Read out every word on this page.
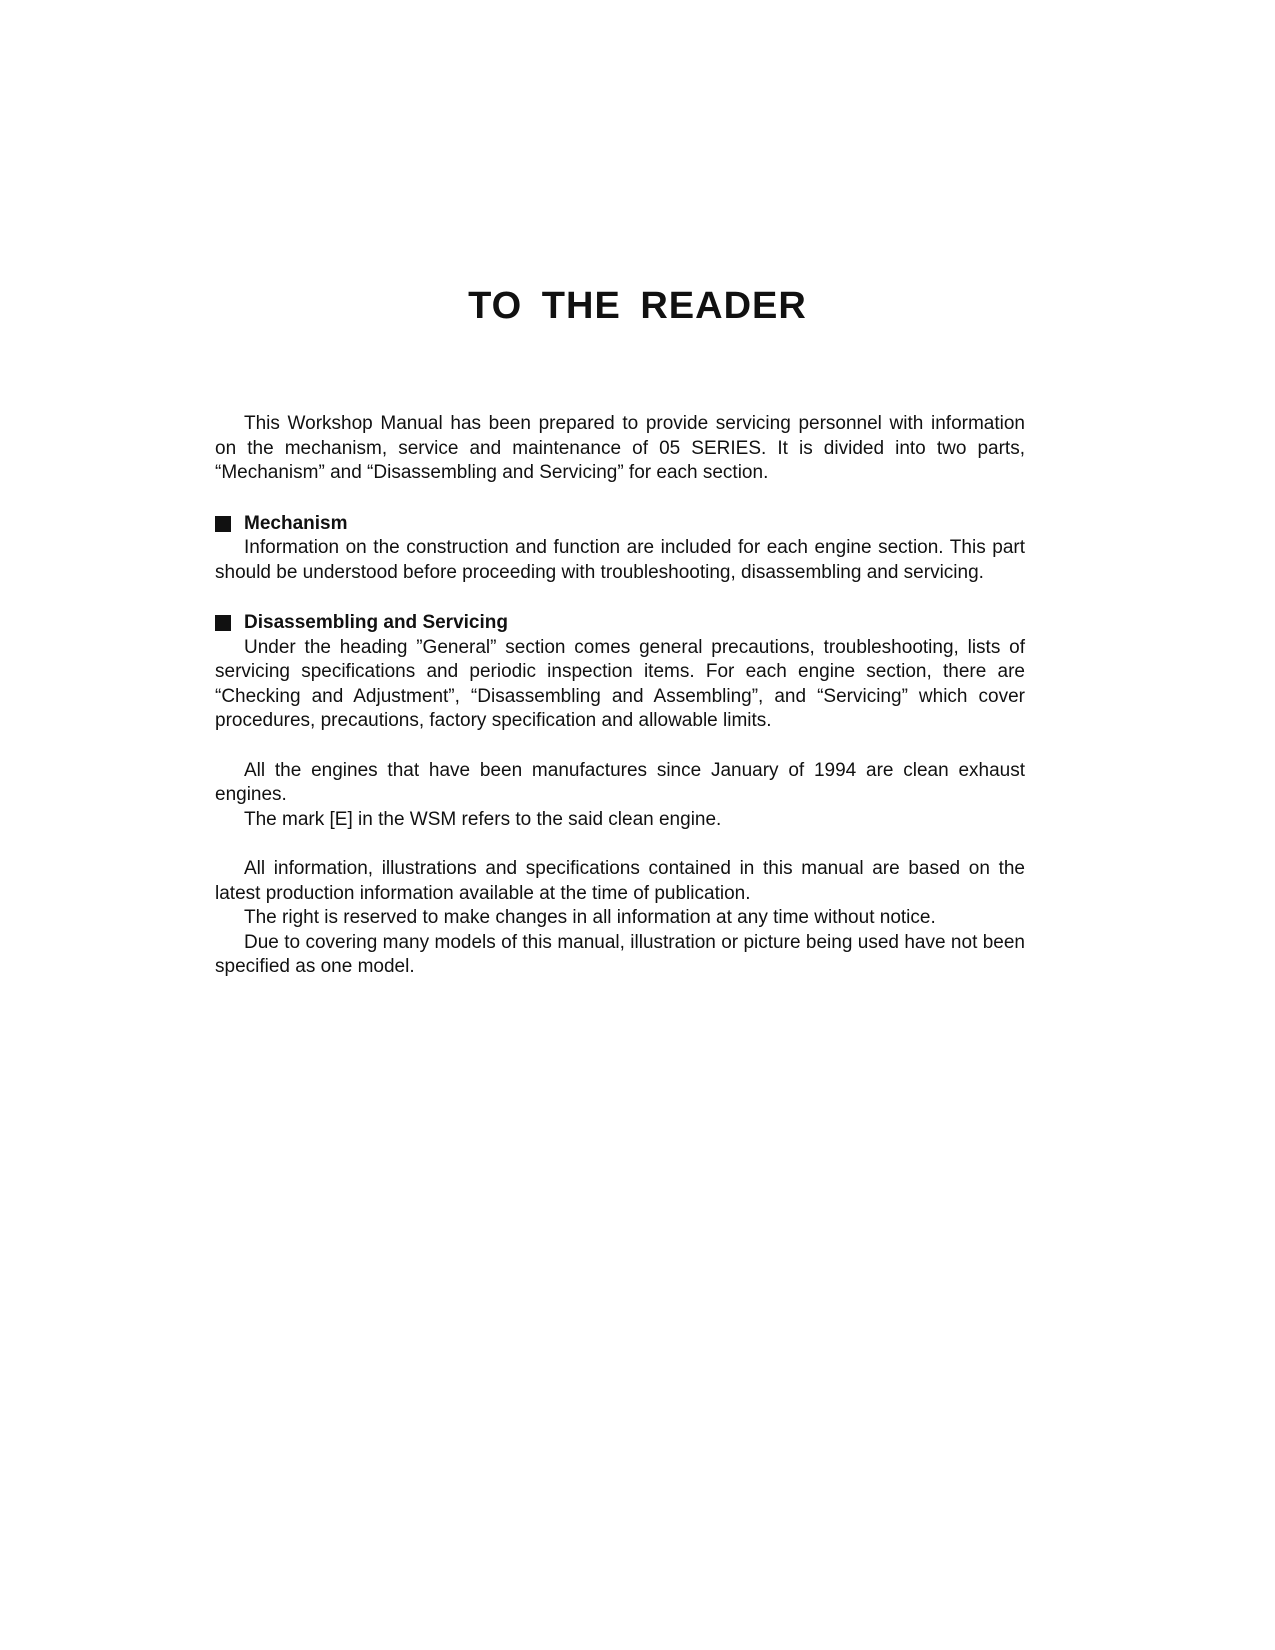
TO THE READER

This Workshop Manual has been prepared to provide servicing personnel with information on the mechanism, service and maintenance of 05 SERIES. It is divided into two parts, “Mechanism” and “Disassembling and Servicing” for each section.

Mechanism

Information on the construction and function are included for each engine section. This part should be understood before proceeding with troubleshooting, disassembling and servicing.

Disassembling and Servicing

Under the heading ”General” section comes general precautions, troubleshooting, lists of servicing specifications and periodic inspection items. For each engine section, there are “Checking and Adjustment”, “Disassembling and Assembling”, and “Servicing” which cover procedures, precautions, factory specification and allowable limits.

All the engines that have been manufactures since January of 1994 are clean exhaust engines.

The mark [E] in the WSM refers to the said clean engine.

All information, illustrations and specifications contained in this manual are based on the latest production information available at the time of publication.

The right is reserved to make changes in all information at any time without notice.

Due to covering many models of this manual, illustration or picture being used have not been specified as one model.
